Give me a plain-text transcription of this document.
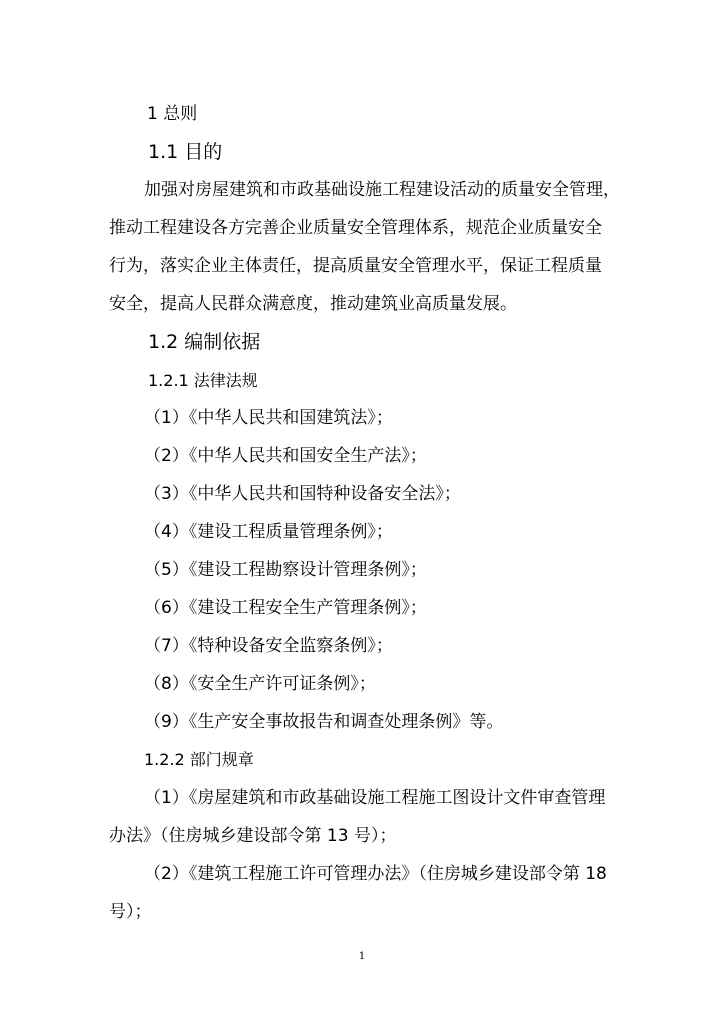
1 总则
1.1 目的
加强对房屋建筑和市政基础设施工程建设活动的质量安全管理，
推动工程建设各方完善企业质量安全管理体系，规范企业质量安全
行为，落实企业主体责任，提高质量安全管理水平，保证工程质量
安全，提高人民群众满意度，推动建筑业高质量发展。
1.2 编制依据
1.2.1 法律法规
（1）《中华人民共和国建筑法》；
（2）《中华人民共和国安全生产法》；
（3）《中华人民共和国特种设备安全法》；
（4）《建设工程质量管理条例》；
（5）《建设工程勘察设计管理条例》；
（6）《建设工程安全生产管理条例》；
（7）《特种设备安全监察条例》；
（8）《安全生产许可证条例》；
（9）《生产安全事故报告和调查处理条例》等。
1.2.2 部门规章
（1）《房屋建筑和市政基础设施工程施工图设计文件审查管理
办法》（住房城乡建设部令第 13 号）；
（2）《建筑工程施工许可管理办法》（住房城乡建设部令第 18
号）；
1
